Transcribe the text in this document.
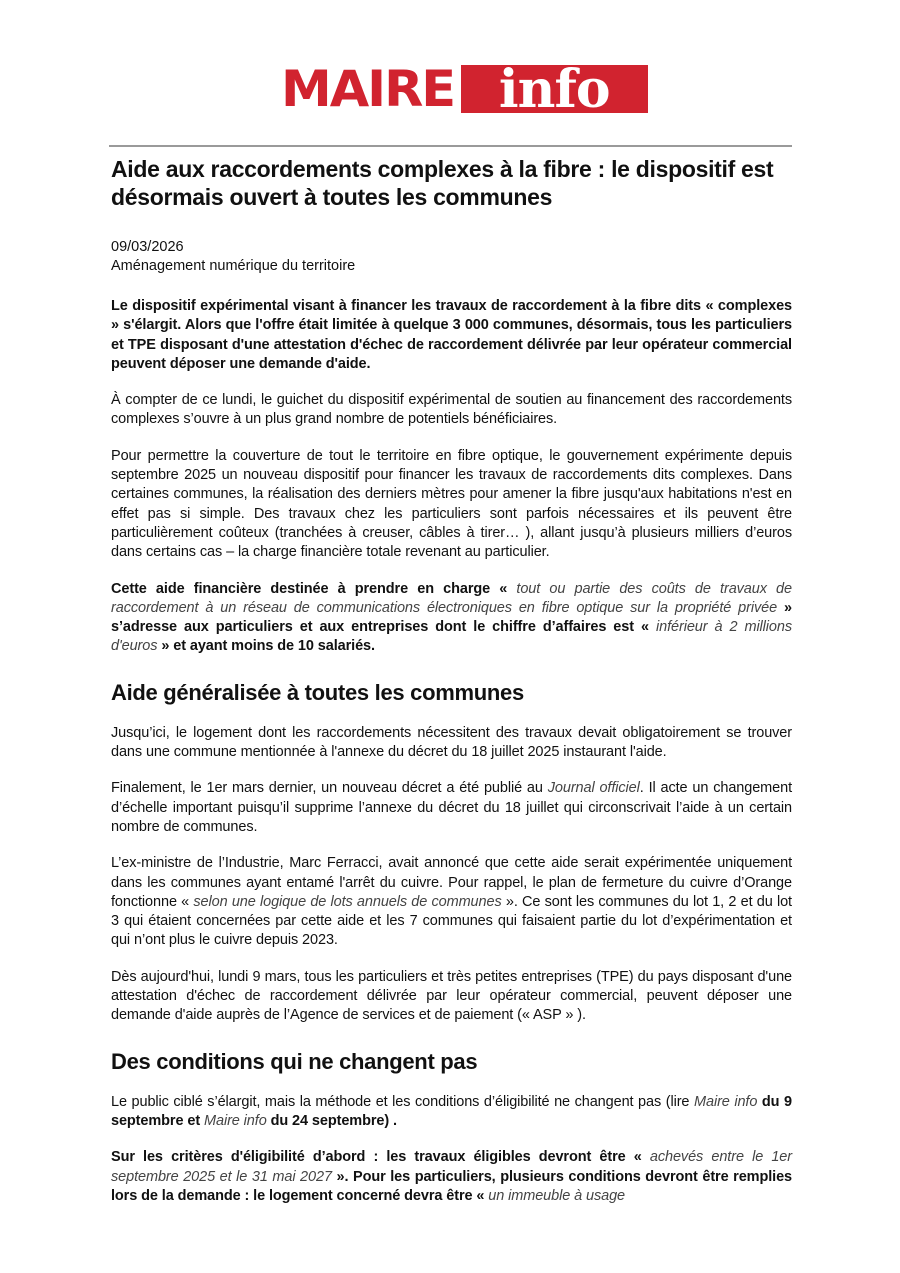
MAIRE info
Aide aux raccordements complexes à la fibre : le dispositif est désormais ouvert à toutes les communes
09/03/2026
Aménagement numérique du territoire

Le dispositif expérimental visant à financer les travaux de raccordement à la fibre dits « complexes » s'élargit. Alors que l'offre était limitée à quelque 3 000 communes, désormais, tous les particuliers et TPE disposant d'une attestation d'échec de raccordement délivrée par leur opérateur commercial peuvent déposer une demande d'aide.

À compter de ce lundi, le guichet du dispositif expérimental de soutien au financement des raccordements complexes s’ouvre à un plus grand nombre de potentiels bénéficiaires.

Pour permettre la couverture de tout le territoire en fibre optique, le gouvernement expérimente depuis septembre 2025 un nouveau dispositif pour financer les travaux de raccordements dits complexes. Dans certaines communes, la réalisation des derniers mètres pour amener la fibre jusqu'aux habitations n'est en effet pas si simple. Des travaux chez les particuliers sont parfois nécessaires et ils peuvent être particulièrement coûteux (tranchées à creuser, câbles à tirer… ), allant jusqu’à plusieurs milliers d’euros dans certains cas – la charge financière totale revenant au particulier.

Cette aide financière destinée à prendre en charge « tout ou partie des coûts de travaux de raccordement à un réseau de communications électroniques en fibre optique sur la propriété privée » s’adresse aux particuliers et aux entreprises dont le chiffre d’affaires est « inférieur à 2 millions d'euros » et ayant moins de 10 salariés.

Aide généralisée à toutes les communes

Jusqu’ici, le logement dont les raccordements nécessitent des travaux devait obligatoirement se trouver dans une commune mentionnée à l'annexe du décret du 18 juillet 2025 instaurant l'aide.

Finalement, le 1er mars dernier, un nouveau décret a été publié au Journal officiel. Il acte un changement d’échelle important puisqu’il supprime l’annexe du décret du 18 juillet qui circonscrivait l’aide à un certain nombre de communes.

L’ex-ministre de l’Industrie, Marc Ferracci, avait annoncé que cette aide serait expérimentée uniquement dans les communes ayant entamé l'arrêt du cuivre. Pour rappel, le plan de fermeture du cuivre d’Orange fonctionne « selon une logique de lots annuels de communes ». Ce sont les communes du lot 1, 2 et du lot 3 qui étaient concernées par cette aide et les 7 communes qui faisaient partie du lot d’expérimentation et qui n’ont plus le cuivre depuis 2023.

Dès aujourd'hui, lundi 9 mars, tous les particuliers et très petites entreprises (TPE) du pays disposant d'une attestation d'échec de raccordement délivrée par leur opérateur commercial, peuvent déposer une demande d'aide auprès de l’Agence de services et de paiement (« ASP » ).

Des conditions qui ne changent pas

Le public ciblé s’élargit, mais la méthode et les conditions d’éligibilité ne changent pas (lire Maire info du 9 septembre et Maire info du 24 septembre) .

Sur les critères d'éligibilité d’abord : les travaux éligibles devront être « achevés entre le 1er septembre 2025 et le 31 mai 2027 ». Pour les particuliers, plusieurs conditions devront être remplies lors de la demande : le logement concerné devra être « un immeuble à usage
